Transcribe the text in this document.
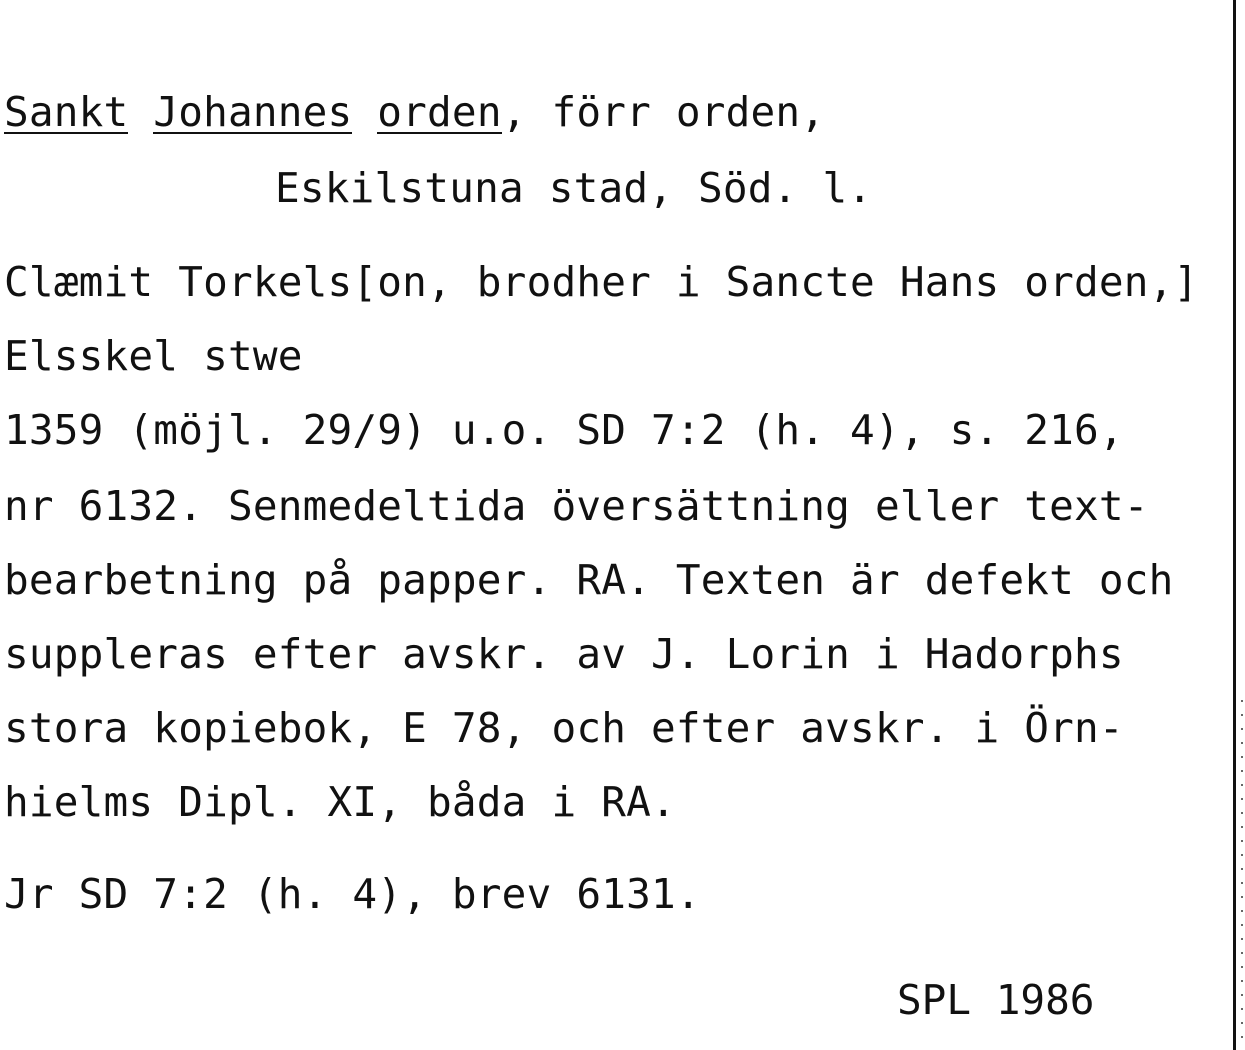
Sankt Johannes orden, förr orden,
Eskilstuna stad, Söd. l.
Clæmit Torkels[on, brodher i Sancte Hans orden,]
Elsskel stwe
1359 (möjl. 29/9) u.o. SD 7:2 (h. 4), s. 216,
nr 6132. Senmedeltida översättning eller text-
bearbetning på papper. RA. Texten är defekt och
suppleras efter avskr. av J. Lorin i Hadorphs
stora kopiebok, E 78, och efter avskr. i Örn-
hielms Dipl. XI, båda i RA.
Jr SD 7:2 (h. 4), brev 6131.
SPL 1986
